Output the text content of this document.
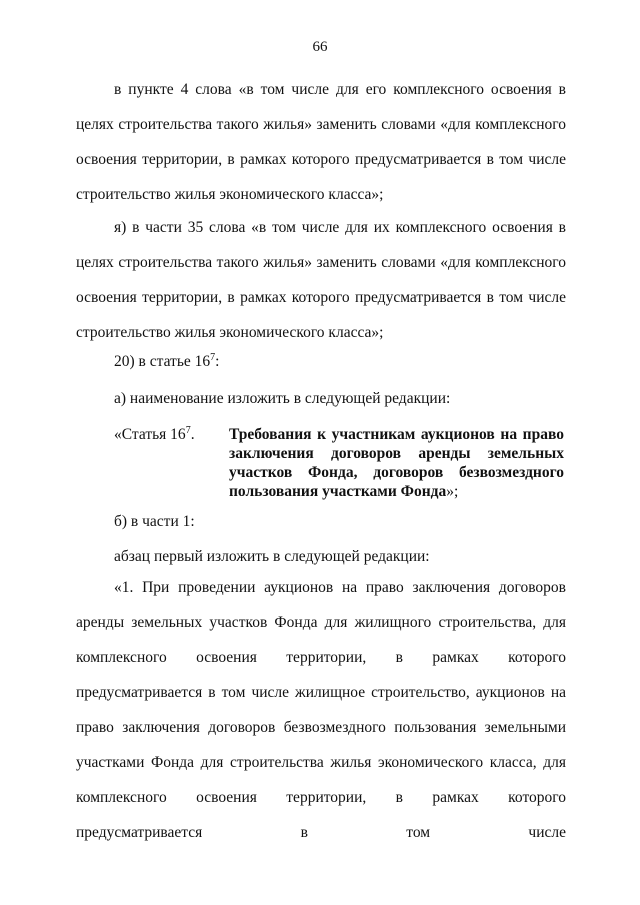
66

в пункте 4 слова «в том числе для его комплексного освоения в целях строительства такого жилья» заменить словами «для комплексного освоения территории, в рамках которого предусматривается в том числе строительство жилья экономического класса»;

я) в части 35 слова «в том числе для их комплексного освоения в целях строительства такого жилья» заменить словами «для комплексного освоения территории, в рамках которого предусматривается в том числе строительство жилья экономического класса»;

20) в статье $16^7$:
а) наименование изложить в следующей редакции:
«Статья $16^7$. Требования к участникам аукционов на право заключения договоров аренды земельных участков Фонда, договоров безвозмездного пользования участками Фонда»;

б) в части 1:
абзац первый изложить в следующей редакции:

«1. При проведении аукционов на право заключения договоров аренды земельных участков Фонда для жилищного строительства, для комплексного освоения территории, в рамках которого предусматривается в том числе жилищное строительство, аукционов на право заключения договоров безвозмездного пользования земельными участками Фонда для строительства жилья экономического класса, для комплексного освоения территории, в рамках которого предусматривается в том числе
